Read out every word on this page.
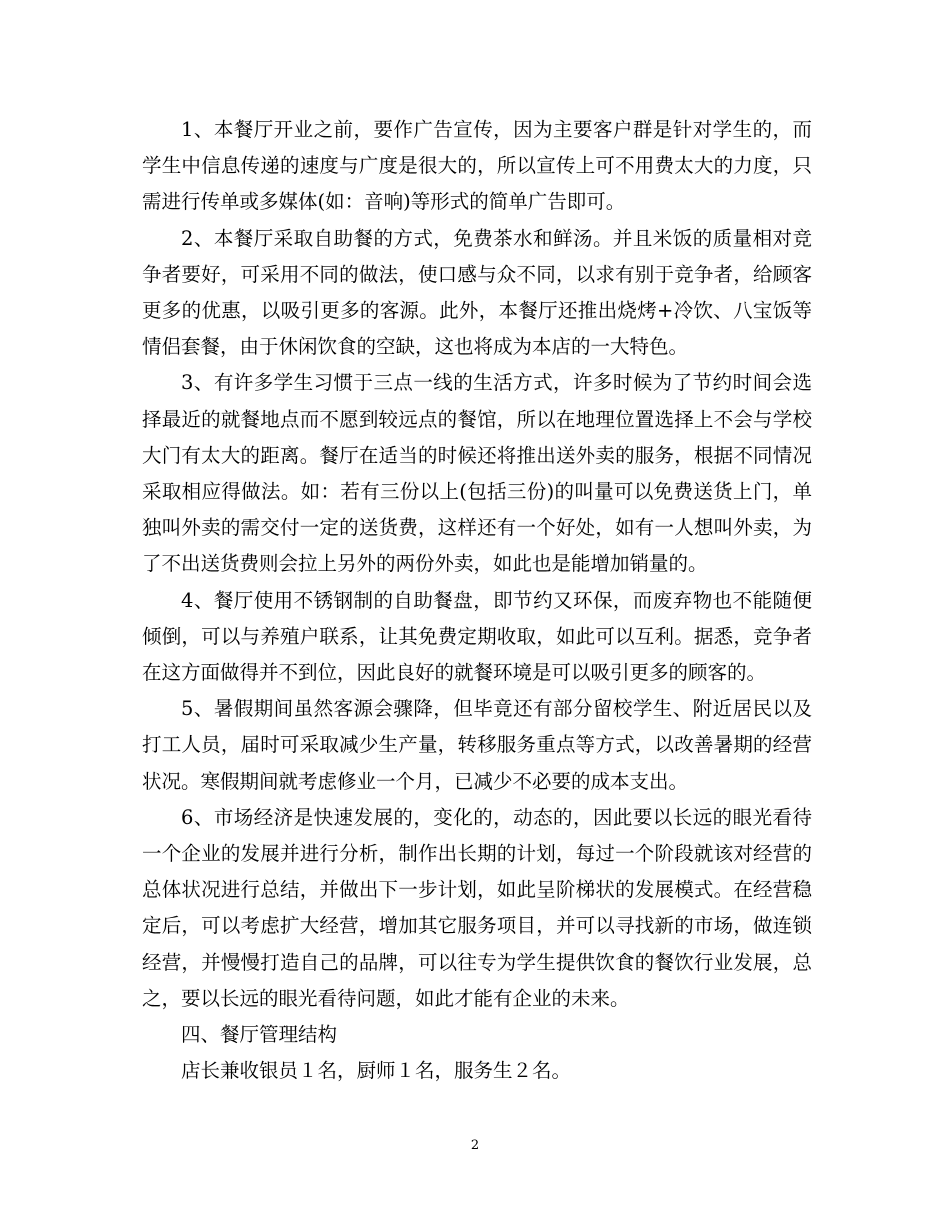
1、本餐厅开业之前，要作广告宣传，因为主要客户群是针对学生的，而学生中信息传递的速度与广度是很大的，所以宣传上可不用费太大的力度，只需进行传单或多媒体(如：音响)等形式的简单广告即可。

2、本餐厅采取自助餐的方式，免费茶水和鲜汤。并且米饭的质量相对竞争者要好，可采用不同的做法，使口感与众不同，以求有别于竞争者，给顾客更多的优惠，以吸引更多的客源。此外，本餐厅还推出烧烤+冷饮、八宝饭等情侣套餐，由于休闲饮食的空缺，这也将成为本店的一大特色。

3、有许多学生习惯于三点一线的生活方式，许多时候为了节约时间会选择最近的就餐地点而不愿到较远点的餐馆，所以在地理位置选择上不会与学校大门有太大的距离。餐厅在适当的时候还将推出送外卖的服务，根据不同情况采取相应得做法。如：若有三份以上(包括三份)的叫量可以免费送货上门，单独叫外卖的需交付一定的送货费，这样还有一个好处，如有一人想叫外卖，为了不出送货费则会拉上另外的两份外卖，如此也是能增加销量的。

4、餐厅使用不锈钢制的自助餐盘，即节约又环保，而废弃物也不能随便倾倒，可以与养殖户联系，让其免费定期收取，如此可以互利。据悉，竞争者在这方面做得并不到位，因此良好的就餐环境是可以吸引更多的顾客的。

5、暑假期间虽然客源会骤降，但毕竟还有部分留校学生、附近居民以及打工人员，届时可采取减少生产量，转移服务重点等方式，以改善暑期的经营状况。寒假期间就考虑修业一个月，已减少不必要的成本支出。

6、市场经济是快速发展的，变化的，动态的，因此要以长远的眼光看待一个企业的发展并进行分析，制作出长期的计划，每过一个阶段就该对经营的总体状况进行总结，并做出下一步计划，如此呈阶梯状的发展模式。在经营稳定后，可以考虑扩大经营，增加其它服务项目，并可以寻找新的市场，做连锁经营，并慢慢打造自己的品牌，可以往专为学生提供饮食的餐饮行业发展，总之，要以长远的眼光看待问题，如此才能有企业的未来。

四、餐厅管理结构

店长兼收银员１名，厨师１名，服务生２名。

2
